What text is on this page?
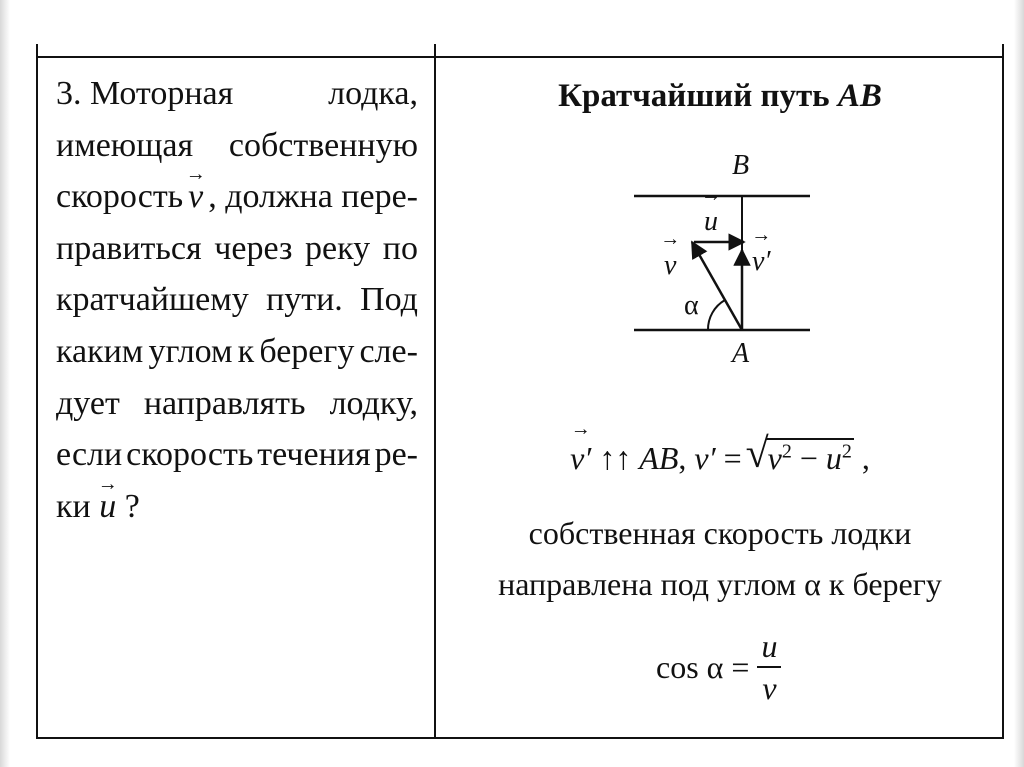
3. Моторная	лодка,
имеющая собственную
скорость → v , должна пере-
правиться через реку по
кратчайшему пути. Под
каким углом к берегу сле-
дует направлять лодку,
если скорость течения ре-
ки
→ u
?
Кратчайший путь AB
B
A
→ u
→ v	→ v′
α
→ v′ ↑↑ AB, v′ = √ $v^2 - u^2$ ,
собственная скорость лодки
направлена под углом α к берегу
$\cos \alpha = \frac{u}{v}$
